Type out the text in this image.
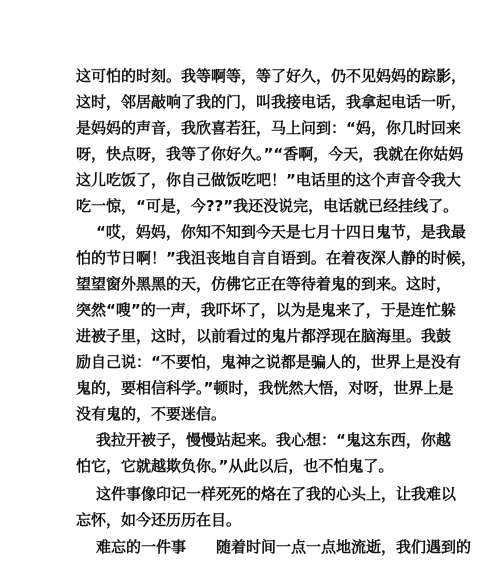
这可怕的时刻。我等啊等，等了好久，仍不见妈妈的踪影，
这时，邻居敲响了我的门，叫我接电话，我拿起电话一听，
是妈妈的声音，我欣喜若狂，马上问到：“妈，你几时回来
呀，快点呀，我等了你好久。”“香啊，今天，我就在你姑妈
这儿吃饭了，你自己做饭吃吧！”电话里的这个声音令我大
吃一惊，“可是，今??”我还没说完，电话就已经挂线了。
“哎，妈妈，你知不知到今天是七月十四日鬼节，是我最
怕的节日啊！”我沮丧地自言自语到。在着夜深人静的时候，
望望窗外黑黑的天，仿佛它正在等待着鬼的到来。这时，
突然“嗖”的一声，我吓坏了，以为是鬼来了，于是连忙躲
进被子里，这时，以前看过的鬼片都浮现在脑海里。我鼓
励自己说：“不要怕，鬼神之说都是骗人的，世界上是没有
鬼的，要相信科学。”顿时，我恍然大悟，对呀，世界上是
没有鬼的，不要迷信。
我拉开被子，慢慢站起来。我心想：“鬼这东西，你越
怕它，它就越欺负你。”从此以后，也不怕鬼了。
这件事像印记一样死死的烙在了我的心头上，让我难以
忘怀，如今还历历在目。
难忘的一件事　　随着时间一点一点地流逝，我们遇到的
